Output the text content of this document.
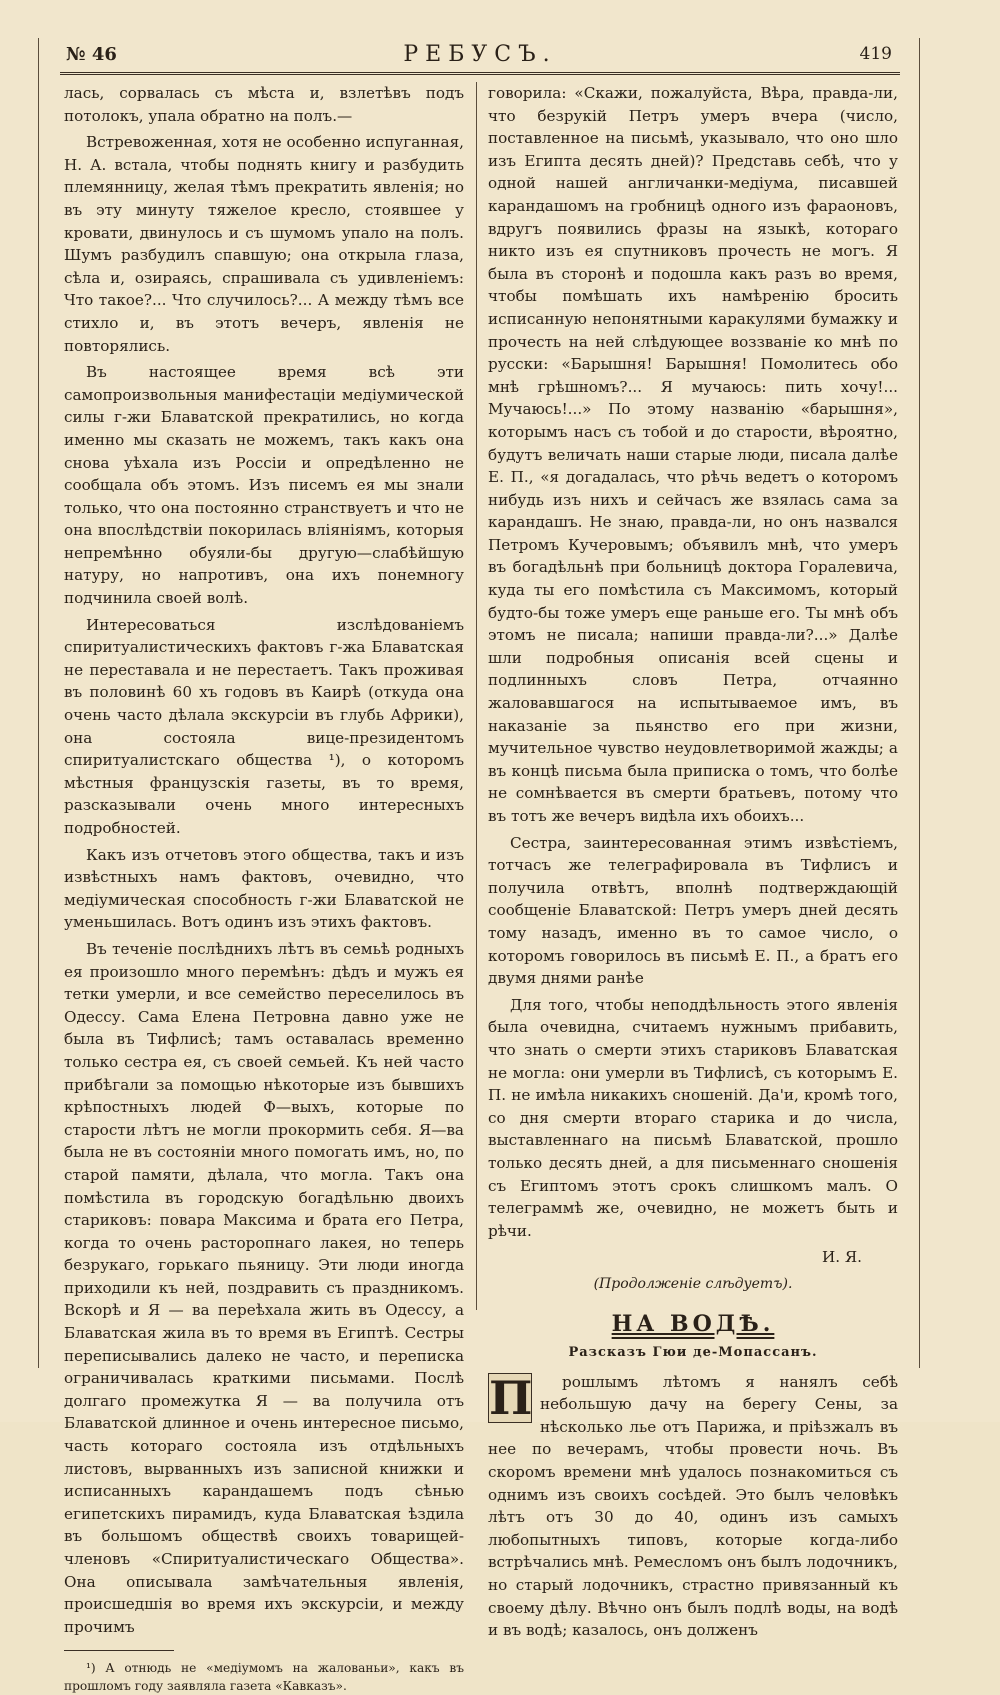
№ 46	РЕБУСЪ.	419

лась, сорвалась съ мѣста и, взлетѣвъ подъ потолокъ, упала обратно на полъ.—

Встревоженная, хотя не особенно испуганная, Н. А. встала, чтобы поднять книгу и разбудить племянницу, желая тѣмъ прекратить явленія; но въ эту минуту тяжелое кресло, стоявшее у кровати, двинулось и съ шумомъ упало на полъ. Шумъ разбудилъ спавшую; она открыла глаза, сѣла и, озираясь, спрашивала съ удивленіемъ: Что такое?... Что случилось?... А между тѣмъ все стихло и, въ этотъ вечеръ, явленія не повторялись.

Въ настоящее время всѣ эти самопроизвольныя манифестаціи медіумической силы г-жи Блаватской прекратились, но когда именно мы сказать не можемъ, такъ какъ она снова уѣхала изъ Россіи и опредѣленно не сообщала объ этомъ. Изъ писемъ ея мы знали только, что она постоянно странствуетъ и что не она впослѣдствіи покорилась вліяніямъ, которыя непремѣнно обуяли-бы другую—слабѣйшую натуру, но напротивъ, она ихъ понемногу подчинила своей волѣ.

Интересоваться изслѣдованіемъ спиритуалистическихъ фактовъ г-жа Блаватская не переставала и не перестаетъ. Такъ проживая въ половинѣ 60 хъ годовъ въ Каирѣ (откуда она очень часто дѣлала экскурсіи въ глубь Африки), она состояла вице-президентомъ спиритуалистскаго общества ¹), о которомъ мѣстныя французскія газеты, въ то время, разсказывали очень много интересныхъ подробностей.

Какъ изъ отчетовъ этого общества, такъ и изъ извѣстныхъ намъ фактовъ, очевидно, что медіумическая способность г-жи Блаватской не уменьшилась. Вотъ одинъ изъ этихъ фактовъ.

Въ теченіе послѣднихъ лѣтъ въ семьѣ родныхъ ея произошло много перемѣнъ: дѣдъ и мужъ ея тетки умерли, и все семейство переселилось въ Одессу. Сама Елена Петровна давно уже не была въ Тифлисѣ; тамъ оставалась временно только сестра ея, съ своей семьей. Къ ней часто прибѣгали за помощью нѣкоторые изъ бывшихъ крѣпостныхъ людей Ф—выхъ, которые по старости лѣтъ не могли прокормить себя. Я—ва была не въ состояніи много помогать имъ, но, по старой памяти, дѣлала, что могла. Такъ она помѣстила въ городскую богадѣльню двоихъ стариковъ: повара Максима и брата его Петра, когда то очень расторопнаго лакея, но теперь безрукаго, горькаго пьяницу. Эти люди иногда приходили къ ней, поздравить съ праздникомъ. Вскорѣ и Я — ва переѣхала жить въ Одессу, а Блаватская жила въ то время въ Египтѣ. Сестры переписывались далеко не часто, и переписка ограничивалась краткими письмами. Послѣ долгаго промежутка Я — ва получила отъ Блаватской длинное и очень интересное письмо, часть котораго состояла изъ отдѣльныхъ листовъ, вырванныхъ изъ записной книжки и исписанныхъ карандашемъ подъ сѣнью египетскихъ пирамидъ, куда Блаватская ѣздила въ большомъ обществѣ своихъ товарищей-членовъ «Спиритуалистическаго Общества». Она описывала замѣчательныя явленія, происшедшія во время ихъ экскурсіи, и между прочимъ

¹) А отнюдь не «медіумомъ на жалованьи», какъ въ прошломъ году заявляла газета «Кавказъ».

говорила: «Скажи, пожалуйста, Вѣра, правда-ли, что безрукій Петръ умеръ вчера (число, поставленное на письмѣ, указывало, что оно шло изъ Египта десять дней)? Представь себѣ, что у одной нашей англичанки-медіума, писавшей карандашомъ на гробницѣ одного изъ фараоновъ, вдругъ появились фразы на языкѣ, котораго никто изъ ея спутниковъ прочесть не могъ. Я была въ сторонѣ и подошла какъ разъ во время, чтобы помѣшать ихъ намѣренію бросить исписанную непонятными каракулями бумажку и прочесть на ней слѣдующее воззваніе ко мнѣ по русски: «Барышня! Барышня! Помолитесь обо мнѣ грѣшномъ?... Я мучаюсь: пить хочу!... Мучаюсь!...» По этому названію «барышня», которымъ насъ съ тобой и до старости, вѣроятно, будутъ величать наши старые люди, писала далѣе Е. П., «я догадалась, что рѣчь ведетъ о которомъ нибудь изъ нихъ и сейчасъ же взялась сама за карандашъ. Не знаю, правда-ли, но онъ назвался Петромъ Кучеровымъ; объявилъ мнѣ, что умеръ въ богадѣльнѣ при больницѣ доктора Горалевича, куда ты его помѣстила съ Максимомъ, который будто-бы тоже умеръ еще раньше его. Ты мнѣ объ этомъ не писала; напиши правда-ли?...» Далѣе шли подробныя описанія всей сцены и подлинныхъ словъ Петра, отчаянно жаловавшагося на испытываемое имъ, въ наказаніе за пьянство его при жизни, мучительное чувство неудовлетворимой жажды; а въ концѣ письма была приписка о томъ, что болѣе не сомнѣвается въ смерти братьевъ, потому что въ тотъ же вечеръ видѣла ихъ обоихъ...

Сестра, заинтересованная этимъ извѣстіемъ, тотчасъ же телеграфировала въ Тифлисъ и получила отвѣтъ, вполнѣ подтверждающій сообщеніе Блаватской: Петръ умеръ дней десять тому назадъ, именно въ то самое число, о которомъ говорилось въ письмѣ Е. П., а братъ его двумя днями ранѣе

Для того, чтобы неподдѣльность этого явленія была очевидна, считаемъ нужнымъ прибавить, что знать о смерти этихъ стариковъ Блаватская не могла: они умерли въ Тифлисѣ, съ которымъ Е. П. не имѣла никакихъ сношеній. Да'и, кромѣ того, со дня смерти втораго старика и до числа, выставленнаго на письмѣ Блаватской, прошло только десять дней, а для письменнаго сношенія съ Египтомъ этотъ срокъ слишкомъ малъ. О телеграммѣ же, очевидно, не можетъ быть и рѣчи.

И. Я.
(Продолженіе слѣдуетъ).
НА ВОДѢ.
Разсказъ Гюи де-Мопассанъ.
П	рошлымъ лѣтомъ я нанялъ себѣ небольшую дачу на берегу Сены, за нѣсколько лье отъ Парижа, и пріѣзжалъ въ нее по вечерамъ, чтобы провести ночь. Въ скоромъ времени мнѣ удалось познакомиться съ однимъ изъ своихъ сосѣдей. Это былъ человѣкъ лѣтъ отъ 30 до 40, одинъ изъ самыхъ любопытныхъ типовъ, которые когда-либо встрѣчались мнѣ. Ремесломъ онъ былъ лодочникъ, но старый лодочникъ, страстно привязанный къ своему дѣлу. Вѣчно онъ былъ подлѣ воды, на водѣ и въ водѣ; казалось, онъ долженъ
